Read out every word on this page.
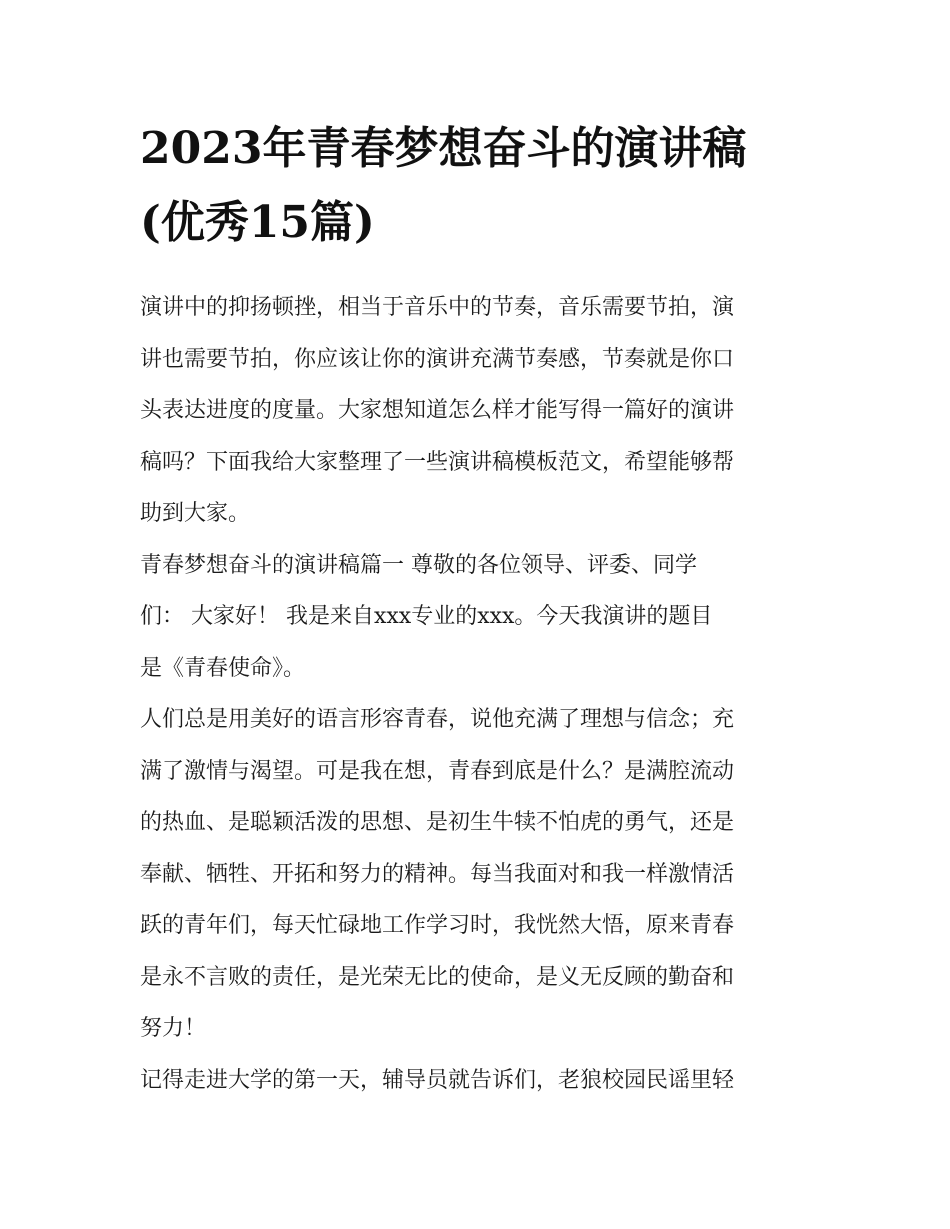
2023年青春梦想奋斗的演讲稿
(优秀15篇)

演讲中的抑扬顿挫，相当于音乐中的节奏，音乐需要节拍，演
讲也需要节拍，你应该让你的演讲充满节奏感，节奏就是你口
头表达进度的度量。大家想知道怎么样才能写得一篇好的演讲
稿吗？下面我给大家整理了一些演讲稿模板范文，希望能够帮
助到大家。

青春梦想奋斗的演讲稿篇一 尊敬的各位领导、评委、同学
们： 大家好！ 我是来自xxx专业的xxx。今天我演讲的题目
是《青春使命》。

人们总是用美好的语言形容青春，说他充满了理想与信念；充
满了激情与渴望。可是我在想，青春到底是什么？是满腔流动
的热血、是聪颖活泼的思想、是初生牛犊不怕虎的勇气，还是
奉献、牺牲、开拓和努力的精神。每当我面对和我一样激情活
跃的青年们，每天忙碌地工作学习时，我恍然大悟，原来青春
是永不言败的责任，是光荣无比的使命，是义无反顾的勤奋和
努力！

记得走进大学的第一天，辅导员就告诉们，老狼校园民谣里轻
